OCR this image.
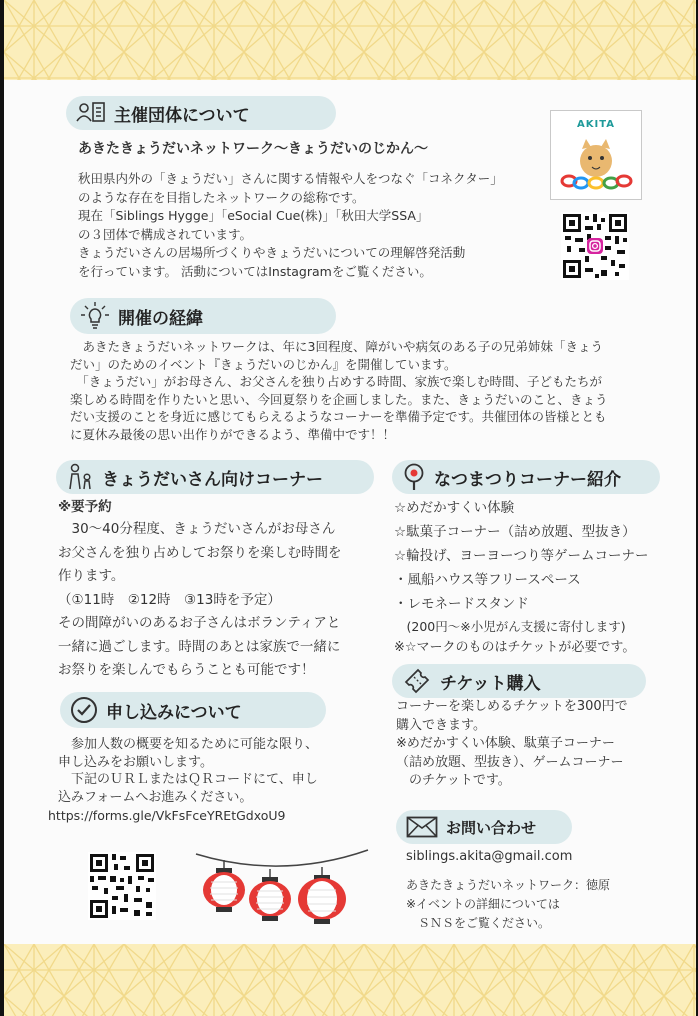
主催団体について
あきたきょうだいネットワーク〜きょうだいのじかん〜

秋田県内外の「きょうだい」さんに関する情報や人をつなぐ「コネクター」

のような存在を目指したネットワークの総称です。

現在「Siblings Hygge」「eSocial Cue(株)」「秋田大学SSA」

の３団体で構成されています。

きょうだいさんの居場所づくりやきょうだいについての理解啓発活動

を行っています。 活動についてはInstagramをご覧ください。

AKITA
開催の経緯

　あきたきょうだいネットワークは、年に3回程度、障がいや病気のある子の兄弟姉妹「きょう

だい」のためのイベント『きょうだいのじかん』を開催しています。

　「きょうだい」がお母さん、お父さんを独り占めする時間、家族で楽しむ時間、子どもたちが

楽しめる時間を作りたいと思い、今回夏祭りを企画しました。また、きょうだいのこと、きょう

だい支援のことを身近に感じてもらえるようなコーナーを準備予定です。共催団体の皆様ととも

に夏休み最後の思い出作りができるよう、準備中です！！

きょうだいさん向けコーナー
※要予約

　30〜40分程度、きょうだいさんがお母さん

お父さんを独り占めしてお祭りを楽しむ時間を

作ります。

（①11時　②12時　③13時を予定）

その間障がいのあるお子さんはボランティアと

一緒に過ごします。時間のあとは家族で一緒に

お祭りを楽しんでもらうことも可能です！

申し込みについて

　参加人数の概要を知るために可能な限り、

申し込みをお願いします。

　下記のＵＲＬまたはＱＲコードにて、申し

込みフォームへお進みください。

https://forms.gle/VkFsFceYREtGdxoU9
なつまつりコーナー紹介

☆めだかすくい体験

☆駄菓子コーナー（詰め放題、型抜き）

☆輪投げ、ヨーヨーつり等ゲームコーナー

・風船ハウス等フリースペース

・レモネードスタンド

　(200円〜※小児がん支援に寄付します)

※☆マークのものはチケットが必要です。

チケット購入

コーナーを楽しめるチケットを300円で

購入できます。

※めだかすくい体験、駄菓子コーナー

（詰め放題、型抜き）、ゲームコーナー

　のチケットです。

お問い合わせ
siblings.akita@gmail.com

あきたきょうだいネットワーク：徳原

※イベントの詳細については

　ＳＮＳをご覧ください。
